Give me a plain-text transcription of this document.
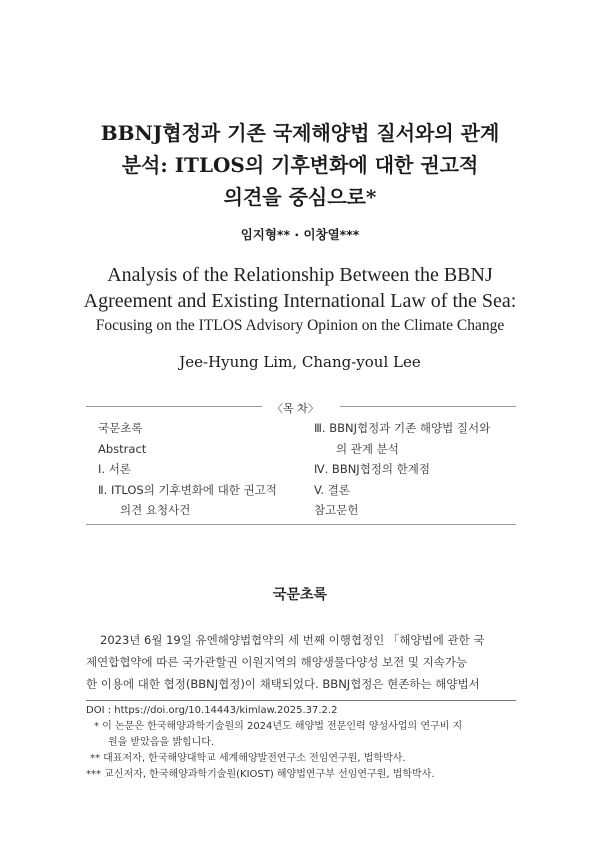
BBNJ협정과 기존 국제해양법 질서와의 관계
분석: ITLOS의 기후변화에 대한 권고적
의견을 중심으로*
임지형** · 이창열***
Analysis of the Relationship Between the BBNJ
Agreement and Existing International Law of the Sea:
Focusing on the ITLOS Advisory Opinion on the Climate Change
Jee-Hyung Lim, Chang-youl Lee
〈목 차〉
국문초록
Abstract
Ⅰ. 서론
Ⅱ. ITLOS의 기후변화에 대한 권고적
의견 요청사건
Ⅲ. BBNJ협정과 기존 해양법 질서와
의 관계 분석
Ⅳ. BBNJ협정의 한계점
V. 결론
참고문헌
국문초록
2023년 6월 19일 유엔해양법협약의 세 번째 이행협정인 「해양법에 관한 국
제연합협약에 따른 국가관할권 이원지역의 해양생물다양성 보전 및 지속가능
한 이용에 대한 협정(BBNJ협정)이 채택되었다. BBNJ협정은 현존하는 해양법서
DOI : https://doi.org/10.14443/kimlaw.2025.37.2.2
* 이 논문은 한국해양과학기술원의 2024년도 해양법 전문인력 양성사업의 연구비 지
원을 받았음을 밝힙니다.
** 대표저자, 한국해양대학교 세계해양발전연구소 전임연구원, 법학박사.
*** 교신저자, 한국해양과학기술원(KIOST) 해양법연구부 선임연구원, 법학박사.
